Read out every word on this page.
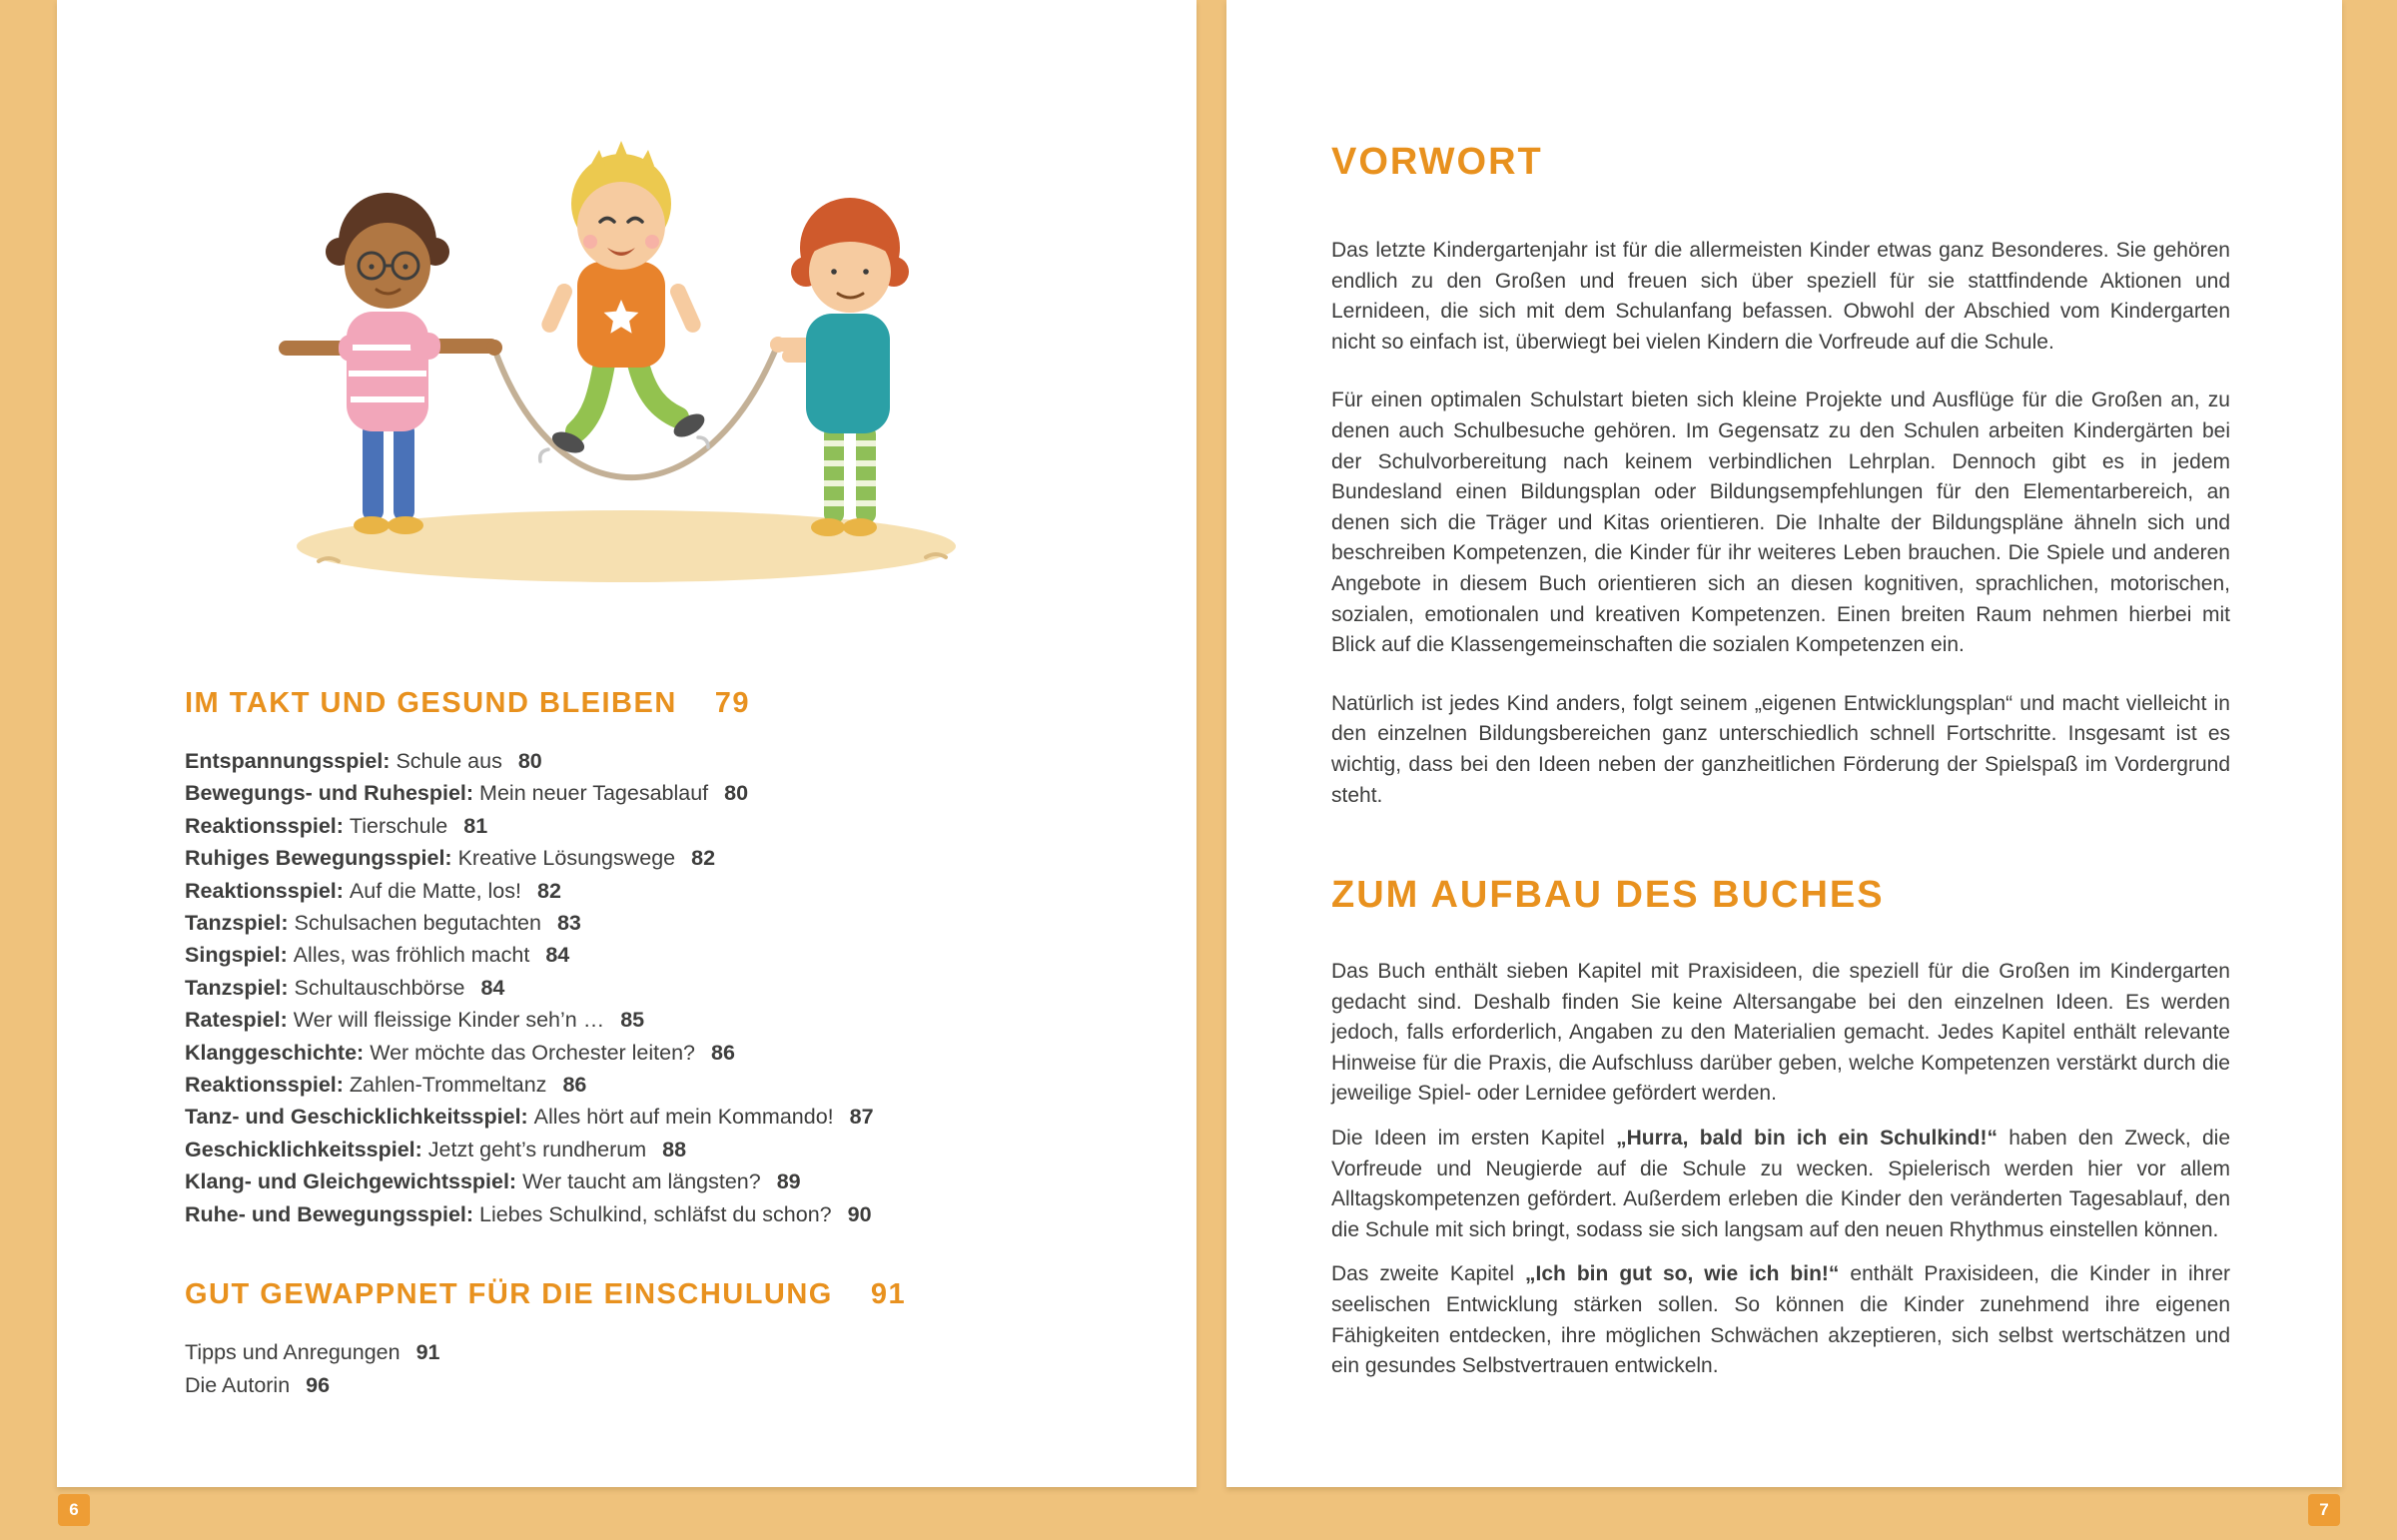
IM TAKT UND GESUND BLEIBEN 79
Entspannungsspiel: Schule aus 80
Bewegungs- und Ruhespiel: Mein neuer Tagesablauf 80
Reaktionsspiel: Tierschule 81
Ruhiges Bewegungsspiel: Kreative Lösungswege 82
Reaktionsspiel: Auf die Matte, los! 82
Tanzspiel: Schulsachen begutachten 83
Singspiel: Alles, was fröhlich macht 84
Tanzspiel: Schultauschbörse 84
Ratespiel: Wer will fleissige Kinder seh’n … 85
Klanggeschichte: Wer möchte das Orchester leiten? 86
Reaktionsspiel: Zahlen-Trommeltanz 86
Tanz- und Geschicklichkeitsspiel: Alles hört auf mein Kommando! 87
Geschicklichkeitsspiel: Jetzt geht’s rundherum 88
Klang- und Gleichgewichtsspiel: Wer taucht am längsten? 89
Ruhe- und Bewegungsspiel: Liebes Schulkind, schläfst du schon? 90
GUT GEWAPPNET FÜR DIE EINSCHULUNG 91
Tipps und Anregungen 91
Die Autorin 96
VORWORT

Das letzte Kindergartenjahr ist für die allermeisten Kinder etwas ganz Besonderes. Sie gehören endlich zu den Großen und freuen sich über speziell für sie stattfindende Aktionen und Lernideen, die sich mit dem Schulanfang befassen. Obwohl der Abschied vom Kindergarten nicht so einfach ist, überwiegt bei vielen Kindern die Vorfreude auf die Schule.

Für einen optimalen Schulstart bieten sich kleine Projekte und Ausflüge für die Großen an, zu denen auch Schulbesuche gehören. Im Gegensatz zu den Schulen arbeiten Kindergärten bei der Schulvorbereitung nach keinem verbindlichen Lehrplan. Dennoch gibt es in jedem Bundesland einen Bildungsplan oder Bildungsempfehlungen für den Elementarbereich, an denen sich die Träger und Kitas orientieren. Die Inhalte der Bildungspläne ähneln sich und beschreiben Kompetenzen, die Kinder für ihr weiteres Leben brauchen. Die Spiele und anderen Angebote in diesem Buch orientieren sich an diesen kognitiven, sprachlichen, motorischen, sozialen, emotionalen und kreativen Kompetenzen. Einen breiten Raum nehmen hierbei mit Blick auf die Klassengemeinschaften die sozialen Kompetenzen ein.

Natürlich ist jedes Kind anders, folgt seinem „eigenen Entwicklungsplan“ und macht vielleicht in den einzelnen Bildungsbereichen ganz unterschiedlich schnell Fortschritte. Insgesamt ist es wichtig, dass bei den Ideen neben der ganzheitlichen Förderung der Spielspaß im Vordergrund steht.

ZUM AUFBAU DES BUCHES

Das Buch enthält sieben Kapitel mit Praxisideen, die speziell für die Großen im Kindergarten gedacht sind. Deshalb finden Sie keine Altersangabe bei den einzelnen Ideen. Es werden jedoch, falls erforderlich, Angaben zu den Materialien gemacht. Jedes Kapitel enthält relevante Hinweise für die Praxis, die Aufschluss darüber geben, welche Kompetenzen verstärkt durch die jeweilige Spiel- oder Lernidee gefördert werden.

Die Ideen im ersten Kapitel „Hurra, bald bin ich ein Schulkind!“ haben den Zweck, die Vorfreude und Neugierde auf die Schule zu wecken. Spielerisch werden hier vor allem Alltagskompetenzen gefördert. Außerdem erleben die Kinder den veränderten Tagesablauf, den die Schule mit sich bringt, sodass sie sich langsam auf den neuen Rhythmus einstellen können.

Das zweite Kapitel „Ich bin gut so, wie ich bin!“ enthält Praxisideen, die Kinder in ihrer seelischen Entwicklung stärken sollen. So können die Kinder zunehmend ihre eigenen Fähigkeiten entdecken, ihre möglichen Schwächen akzeptieren, sich selbst wertschätzen und ein gesundes Selbstvertrauen entwickeln.

6	7
